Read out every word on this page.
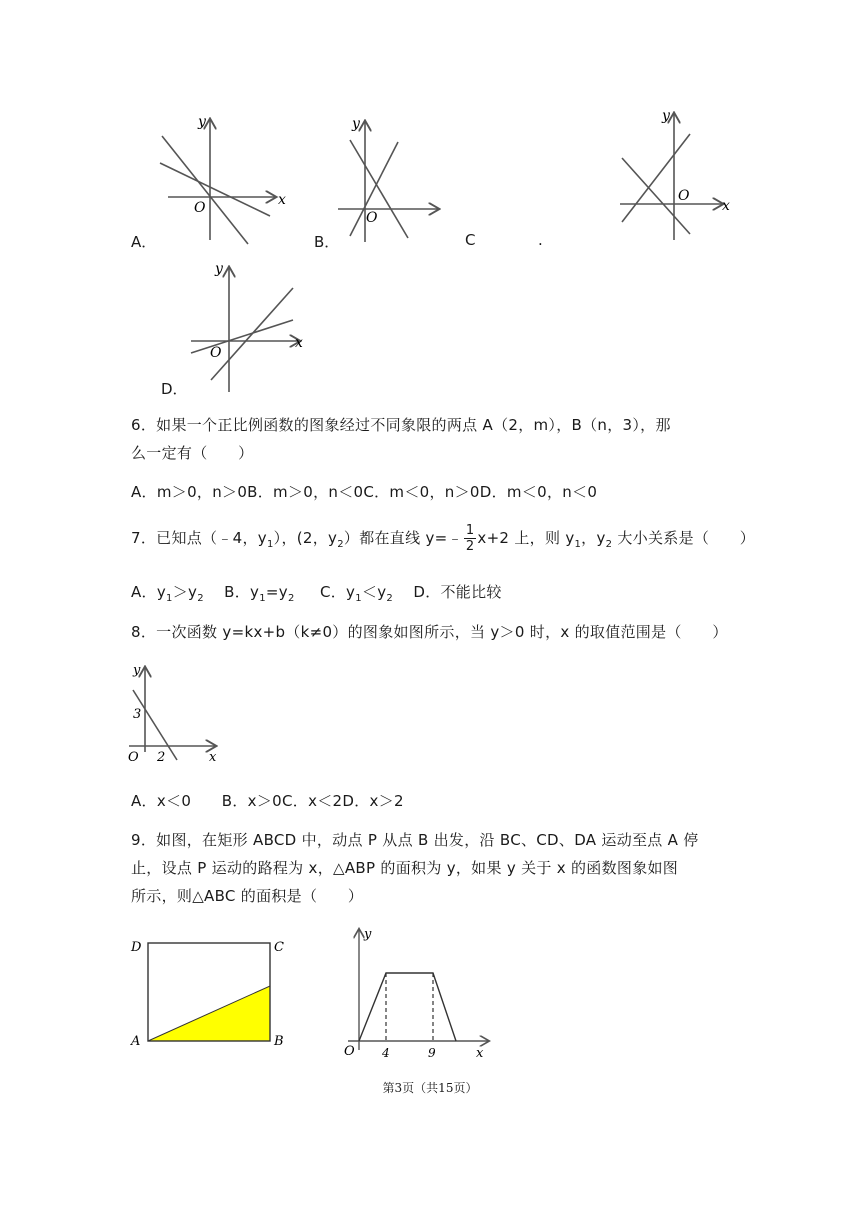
A．
y
x
O
B．
y
O
C	.
y
x
O
D．
y
x
O
6．如果一个正比例函数的图象经过不同象限的两点 A（2，m），B（n，3），那
么一定有（　　）
A．m＞0，n＞0B．m＞0，n＜0C．m＜0，n＞0D．m＜0，n＜0
7．已知点（﹣4，$y_1$），(2，$y_2$）都在直线 y=﹣ $\frac{1}{2} x+2$ 上，则 $y_1$，$y_2$ 大小关系是（　　）
A．$y_1>y_2$ B．$y_1=y_2$ C．$y_1<y_2$ D．不能比较
8．一次函数 y=kx+b（k≠0）的图象如图所示，当 y＞0 时，x 的取值范围是（　　）
y
3
O 2	x
A．x＜0　　B．x＞0C．x＜2D．x＞2
9．如图，在矩形 ABCD 中，动点 P 从点 B 出发，沿 BC、CD、DA 运动至点 A 停
止，设点 P 运动的路程为 x，△ABP 的面积为 y，如果 y 关于 x 的函数图象如图
所示，则△ABC 的面积是（　　）
D	C
A	B
y
O 4	9	x
第3页（共15页）
